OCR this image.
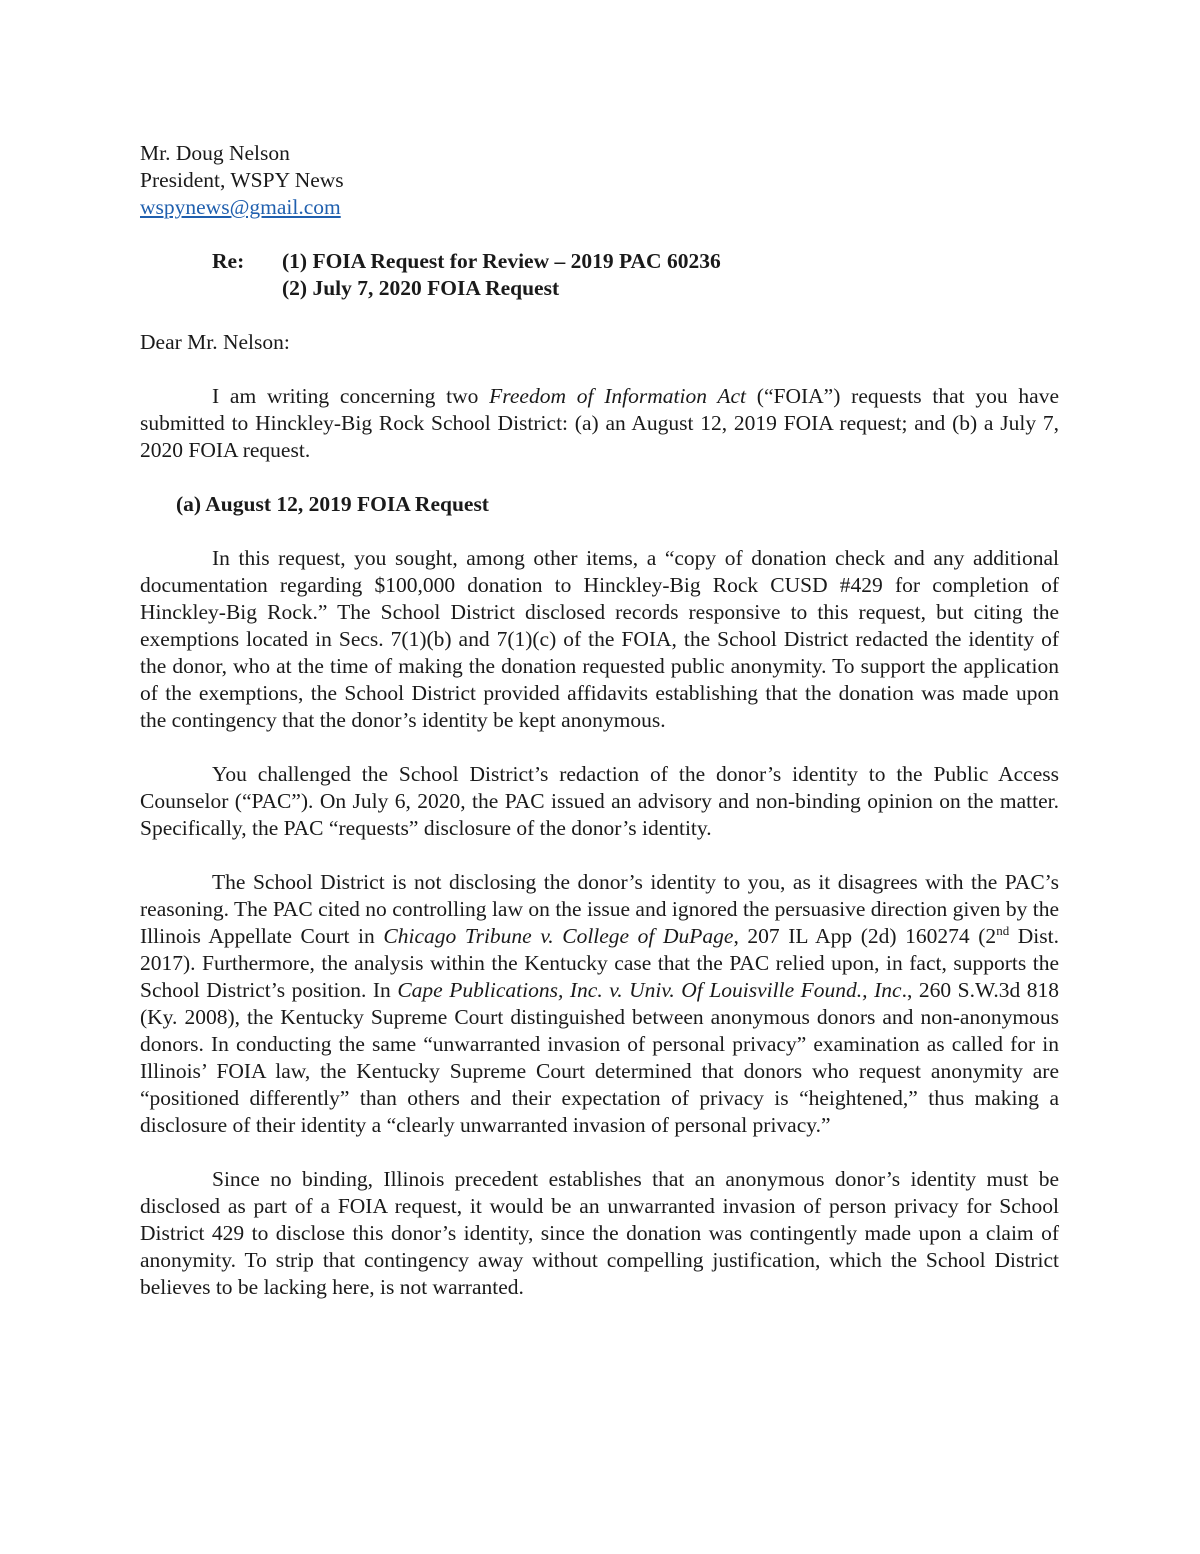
Mr. Doug Nelson
President, WSPY News
wspynews@gmail.com
Re:	(1) FOIA Request for Review – 2019 PAC 60236
(2) July 7, 2020 FOIA Request
Dear Mr. Nelson:

I am writing concerning two Freedom of Information Act (“FOIA”) requests that you have submitted to Hinckley-Big Rock School District: (a) an August 12, 2019 FOIA request; and (b) a July 7, 2020 FOIA request.

(a) August 12, 2019 FOIA Request

In this request, you sought, among other items, a “copy of donation check and any additional documentation regarding $100,000 donation to Hinckley-Big Rock CUSD #429 for completion of Hinckley-Big Rock.” The School District disclosed records responsive to this request, but citing the exemptions located in Secs. 7(1)(b) and 7(1)(c) of the FOIA, the School District redacted the identity of the donor, who at the time of making the donation requested public anonymity. To support the application of the exemptions, the School District provided affidavits establishing that the donation was made upon the contingency that the donor’s identity be kept anonymous.

You challenged the School District’s redaction of the donor’s identity to the Public Access Counselor (“PAC”). On July 6, 2020, the PAC issued an advisory and non-binding opinion on the matter. Specifically, the PAC “requests” disclosure of the donor’s identity.

The School District is not disclosing the donor’s identity to you, as it disagrees with the PAC’s reasoning. The PAC cited no controlling law on the issue and ignored the persuasive direction given by the Illinois Appellate Court in Chicago Tribune v. College of DuPage, 207 IL App (2d) 160274 (2nd Dist. 2017). Furthermore, the analysis within the Kentucky case that the PAC relied upon, in fact, supports the School District’s position. In Cape Publications, Inc. v. Univ. Of Louisville Found., Inc., 260 S.W.3d 818 (Ky. 2008), the Kentucky Supreme Court distinguished between anonymous donors and non-anonymous donors. In conducting the same “unwarranted invasion of personal privacy” examination as called for in Illinois’ FOIA law, the Kentucky Supreme Court determined that donors who request anonymity are “positioned differently” than others and their expectation of privacy is “heightened,” thus making a disclosure of their identity a “clearly unwarranted invasion of personal privacy.”

Since no binding, Illinois precedent establishes that an anonymous donor’s identity must be disclosed as part of a FOIA request, it would be an unwarranted invasion of person privacy for School District 429 to disclose this donor’s identity, since the donation was contingently made upon a claim of anonymity. To strip that contingency away without compelling justification, which the School District believes to be lacking here, is not warranted.
